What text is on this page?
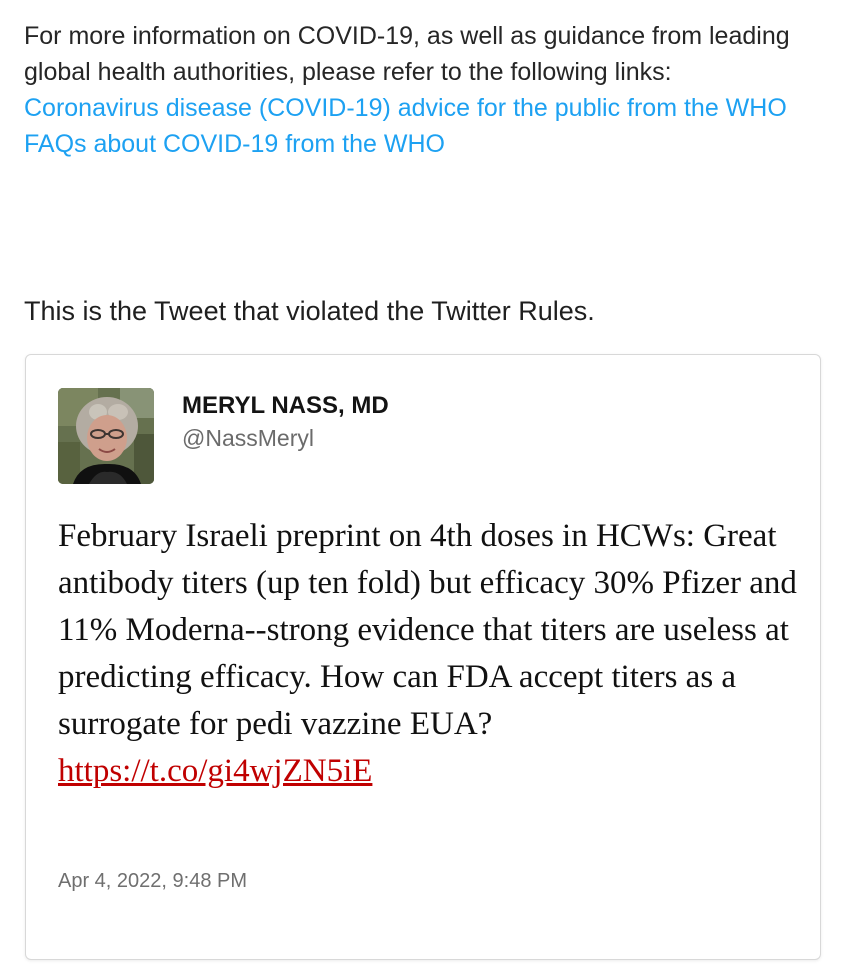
For more information on COVID-19, as well as guidance from leading global health authorities, please refer to the following links:

Coronavirus disease (COVID-19) advice for the public from the WHO
FAQs about COVID-19 from the WHO

This is the Tweet that violated the Twitter Rules.

MERYL NASS, MD
@NassMeryl

February Israeli preprint on 4th doses in HCWs: Great antibody titers (up ten fold) but efficacy 30% Pfizer and 11% Moderna--strong evidence that titers are useless at predicting efficacy. How can FDA accept titers as a surrogate for pedi vazzine EUA? https://t.co/gi4wjZN5iE

Apr 4, 2022, 9:48 PM
